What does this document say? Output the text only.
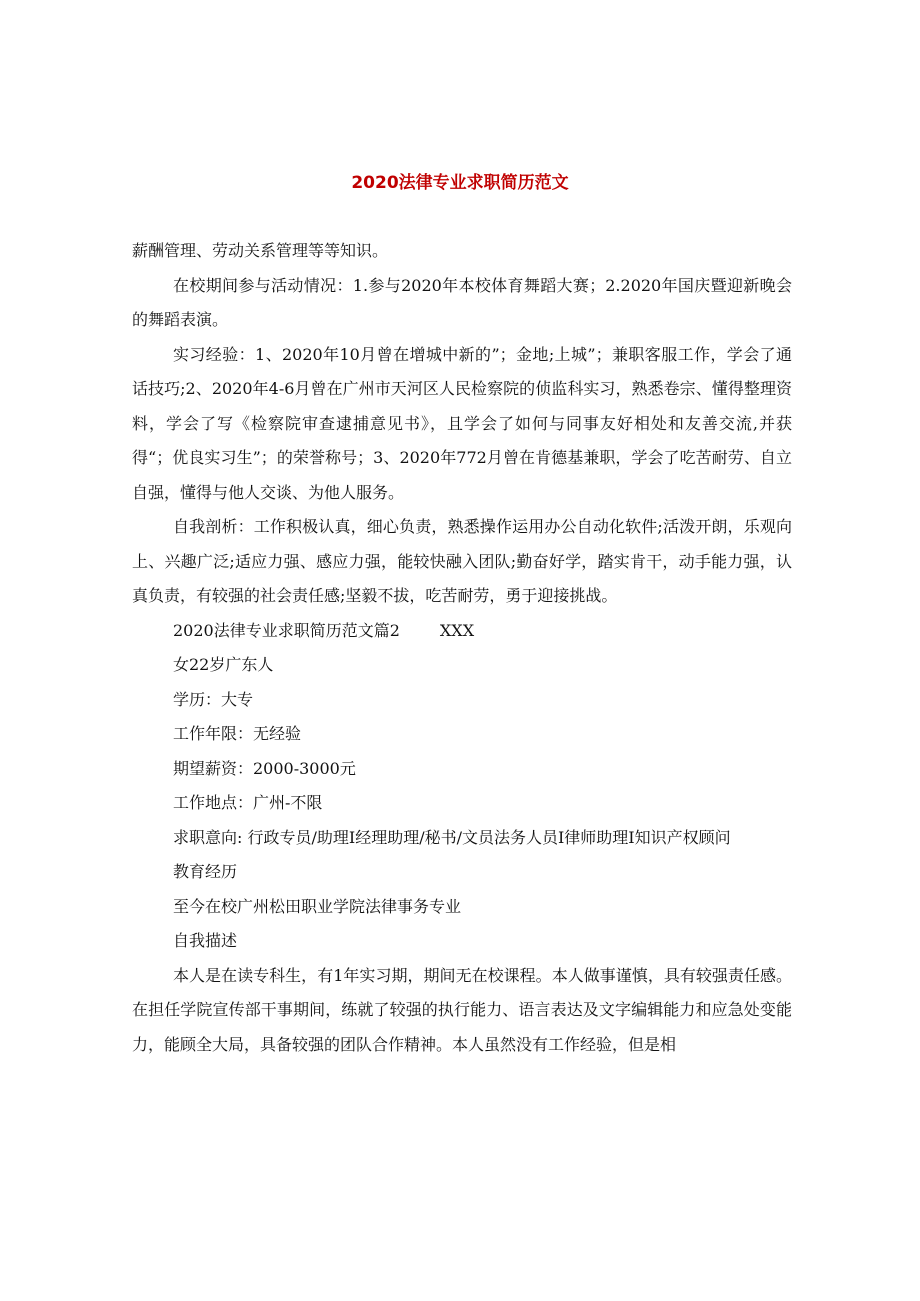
2020法律专业求职简历范文

薪酬管理、劳动关系管理等等知识。

在校期间参与活动情况：1.参与2020年本校体育舞蹈大赛；2.2020年国庆暨迎新晚会的舞蹈表演。

实习经验：1、2020年10月曾在增城中新的”；金地;上城”；兼职客服工作，学会了通话技巧;2、2020年4-6月曾在广州市天河区人民检察院的侦监科实习，熟悉卷宗、懂得整理资料，学会了写《检察院审查逮捕意见书》，且学会了如何与同事友好相处和友善交流,并获得“；优良实习生”；的荣誉称号；3、2020年772月曾在肯德基兼职，学会了吃苦耐劳、自立自强，懂得与他人交谈、为他人服务。

自我剖析：工作积极认真，细心负责，熟悉操作运用办公自动化软件;活泼开朗，乐观向上、兴趣广泛;适应力强、感应力强，能较快融入团队;勤奋好学，踏实肯干，动手能力强，认真负责，有较强的社会责任感;坚毅不拔，吃苦耐劳，勇于迎接挑战。

2020法律专业求职简历范文篇2	XXX

女22岁广东人

学历：大专

工作年限：无经验

期望薪资：2000-3000元

工作地点：广州-不限

求职意向: 行政专员/助理I经理助理/秘书/文员法务人员I律师助理I知识产权顾问

教育经历

至今在校广州松田职业学院法律事务专业

自我描述

本人是在读专科生，有1年实习期，期间无在校课程。本人做事谨慎，具有较强责任感。在担任学院宣传部干事期间，练就了较强的执行能力、语言表达及文字编辑能力和应急处变能力，能顾全大局，具备较强的团队合作精神。本人虽然没有工作经验，但是相
